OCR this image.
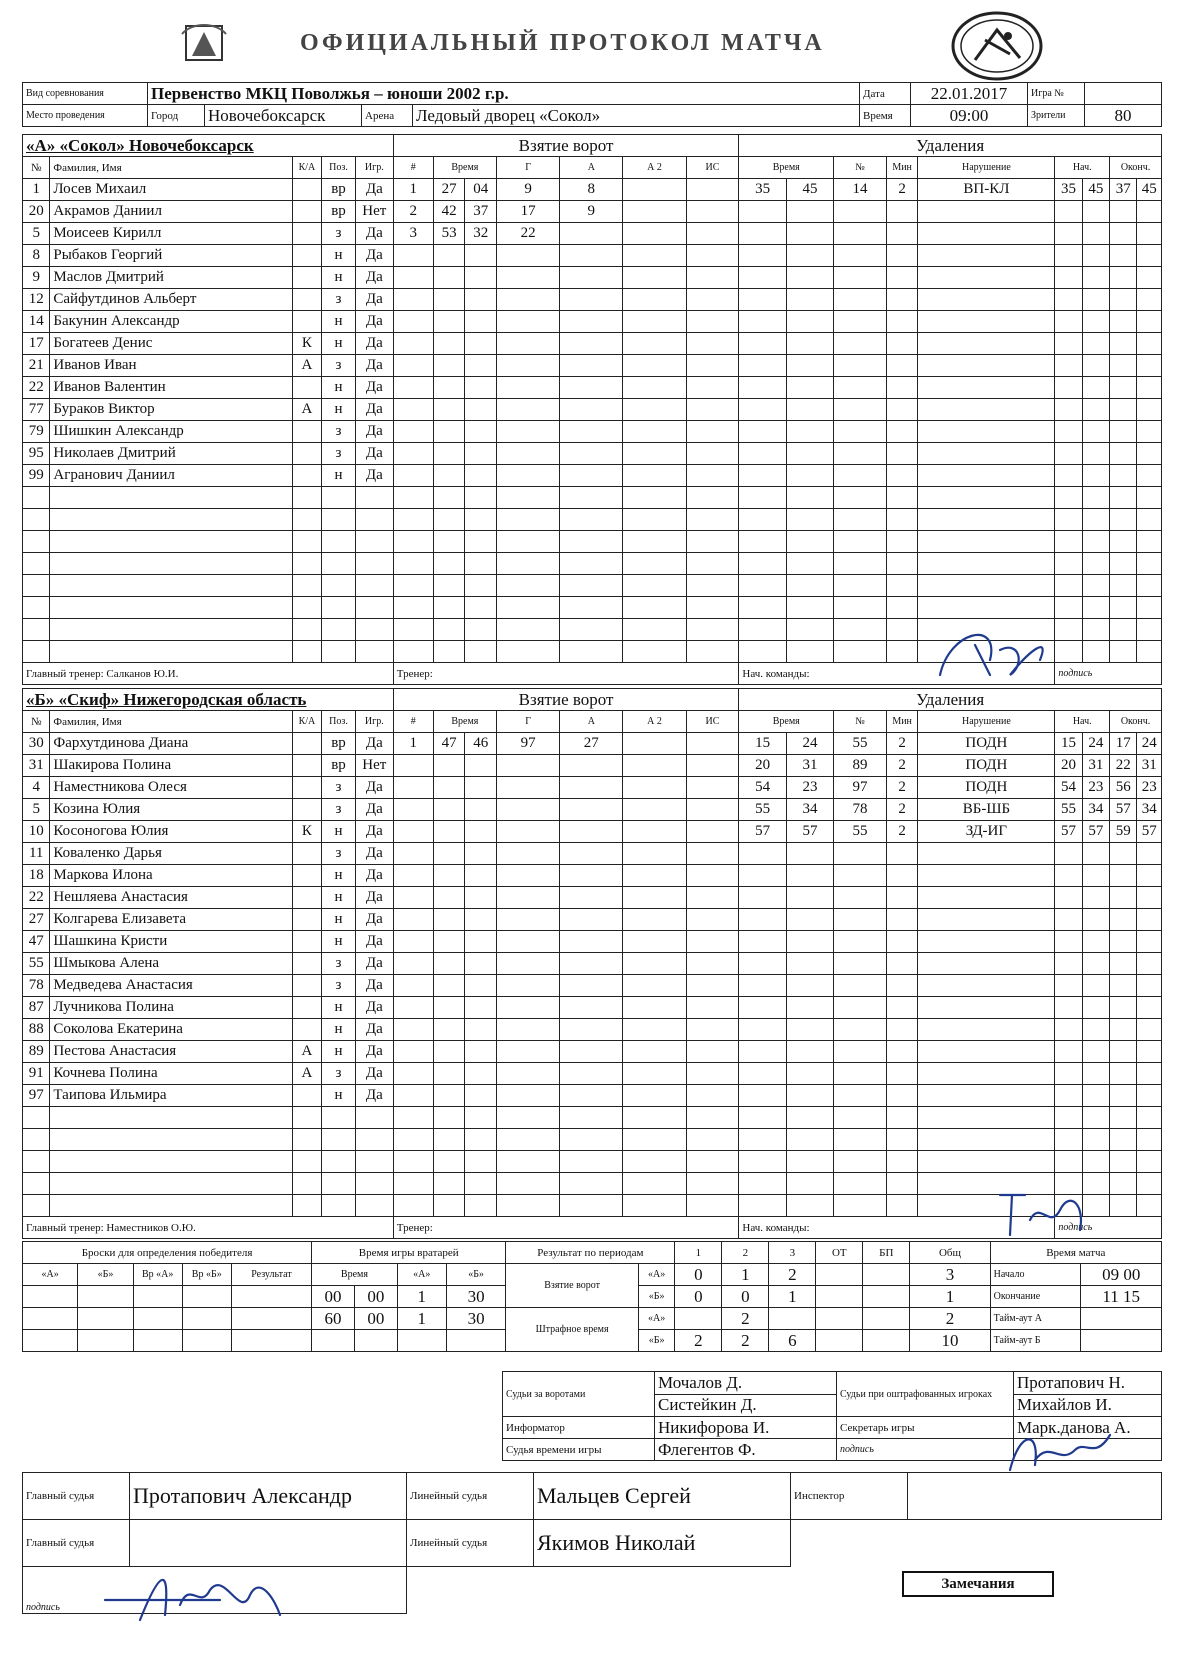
ОФИЦИАЛЬНЫЙ ПРОТОКОЛ МАТЧА
Вид соревнования	Первенство МКЦ Поволжья – юноши 2002 г.р.				Дата	22.01.2017	Игра №	
Место проведения	Город	Новочебоксарск	Арена	Ледовый дворец «Сокол»	Время	09:00	Зрители	80
«А» «Сокол» Новочебоксарск					Взятие ворот							Удаления								
№	Фамилия, Имя	К/А	Поз.	Игр.	#	Время		Г	А	А 2	ИС	Время		№	Мин	Нарушение	Нач.		Оконч.	
1	Лосев Михаил		вр	Да	1	27	04	9	8			35	45	14	2	ВП-КЛ	35	45	37	45
20	Акрамов Даниил		вр	Нет	2	42	37	17	9											
5	Моисеев Кирилл		з	Да	3	53	32	22												
8	Рыбаков Георгий		н	Да																
9	Маслов Дмитрий		н	Да																
12	Сайфутдинов Альберт		з	Да																
14	Бакунин Александр		н	Да																
17	Богатеев Денис	К	н	Да																
21	Иванов Иван	А	з	Да																
22	Иванов Валентин		н	Да																
77	Бураков Виктор	А	н	Да																
79	Шишкин Александр		з	Да																
95	Николаев Дмитрий		з	Да																
99	Агранович Даниил		н	Да																

Главный тренер: Салканов Ю.И.					Тренер:							Нач. команды:					подпись			
«Б» «Скиф» Нижегородская область					Взятие ворот							Удаления								
№	Фамилия, Имя	К/А	Поз.	Игр.	#	Время		Г	А	А 2	ИС	Время		№	Мин	Нарушение	Нач.		Оконч.	
30	Фархутдинова Диана		вр	Да	1	47	46	97	27			15	24	55	2	ПОДН	15	24	17	24
31	Шакирова Полина		вр	Нет								20	31	89	2	ПОДН	20	31	22	31
4	Наместникова Олеся		з	Да								54	23	97	2	ПОДН	54	23	56	23
5	Козина Юлия		з	Да								55	34	78	2	ВБ-ШБ	55	34	57	34
10	Косоногова Юлия	К	н	Да								57	57	55	2	ЗД-ИГ	57	57	59	57
11	Коваленко Дарья		з	Да																
18	Маркова Илона		н	Да																
22	Нешляева Анастасия		н	Да																
27	Колгарева Елизавета		н	Да																
47	Шашкина Кристи		н	Да																
55	Шмыкова Алена		з	Да																
78	Медведева Анастасия		з	Да																
87	Лучникова Полина		н	Да																
88	Соколова Екатерина		н	Да																
89	Пестова Анастасия	А	н	Да																
91	Кочнева Полина	А	з	Да																
97	Таипова Ильмира		н	Да																

Главный тренер: Наместников О.Ю.					Тренер:							Нач. команды:					подпись			
Броски для определения победителя					Время игры вратарей				Результат по периодам		1	2	3	ОТ	БП	Общ	Время матча	
«А»	«Б»	Вр «А»	Вр «Б»	Результат	Время		«А»	«Б»	Взятие ворот	«А»	0	1	2			3	Начало	09 00
					00	00	1	30		«Б»	0	0	1			1	Окончание	11 15
					60	00	1	30	Штрафное время	«А»		2				2	Тайм-аут А	
										«Б»	2	2	6			10	Тайм-аут Б	
Судьи за воротами	Мочалов Д.	Судьи при оштрафованных игроках	Протапович Н.
	Систейкин Д.		Михайлов И.
Информатор	Никифорова И.	Секретарь игры	Марк.данова А.
Судья времени игры	Флегентов Ф.	подпись	
Главный судья	Протапович Александр	Линейный судья	Мальцев Сергей	Инспектор	
Главный судья		Линейный судья	Якимов Николай		
подпись					
Замечания
